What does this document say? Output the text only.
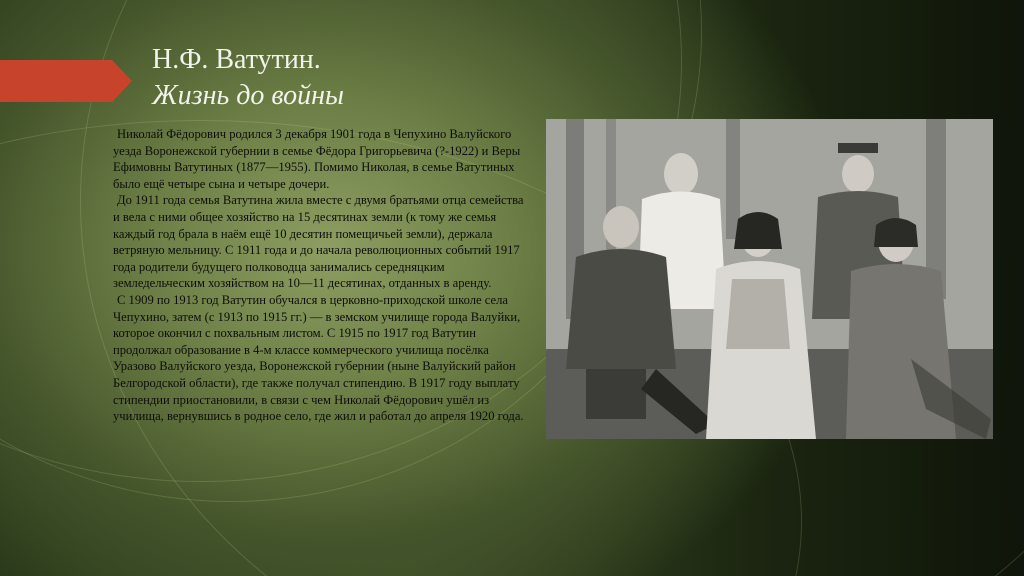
Н.Ф. Ватутин.
Жизнь до войны

Николай Фёдорович родился 3 декабря 1901 года в Чепухино Валуйского уезда Воронежской губернии в семье Фёдора Григорьевича (?-1922) и Веры Ефимовны Ватутиных (1877—1955). Помимо Николая, в семье Ватутиных было ещё четыре сына и четыре дочери.

До 1911 года семья Ватутина жила вместе с двумя братьями отца семейства и вела с ними общее хозяйство на 15 десятинах земли (к тому же семья каждый год брала в наём ещё 10 десятин помещичьей земли), держала ветряную мельницу. С 1911 года и до начала революционных событий 1917 года родители будущего полководца занимались середняцким земледельческим хозяйством на 10—11 десятинах, отданных в аренду.

С 1909 по 1913 год Ватутин обучался в церковно-приходской школе села Чепухино, затем (с 1913 по 1915 гг.) — в земском училище города Валуйки, которое окончил с похвальным листом. С 1915 по 1917 год Ватутин продолжал образование в 4-м классе коммерческого училища посёлка Уразово Валуйского уезда, Воронежской губернии (ныне Валуйский район Белгородской области), где также получал стипендию. В 1917 году выплату стипендии приостановили, в связи с чем Николай Фёдорович ушёл из училища, вернувшись в родное село, где жил и работал до апреля 1920 года.
